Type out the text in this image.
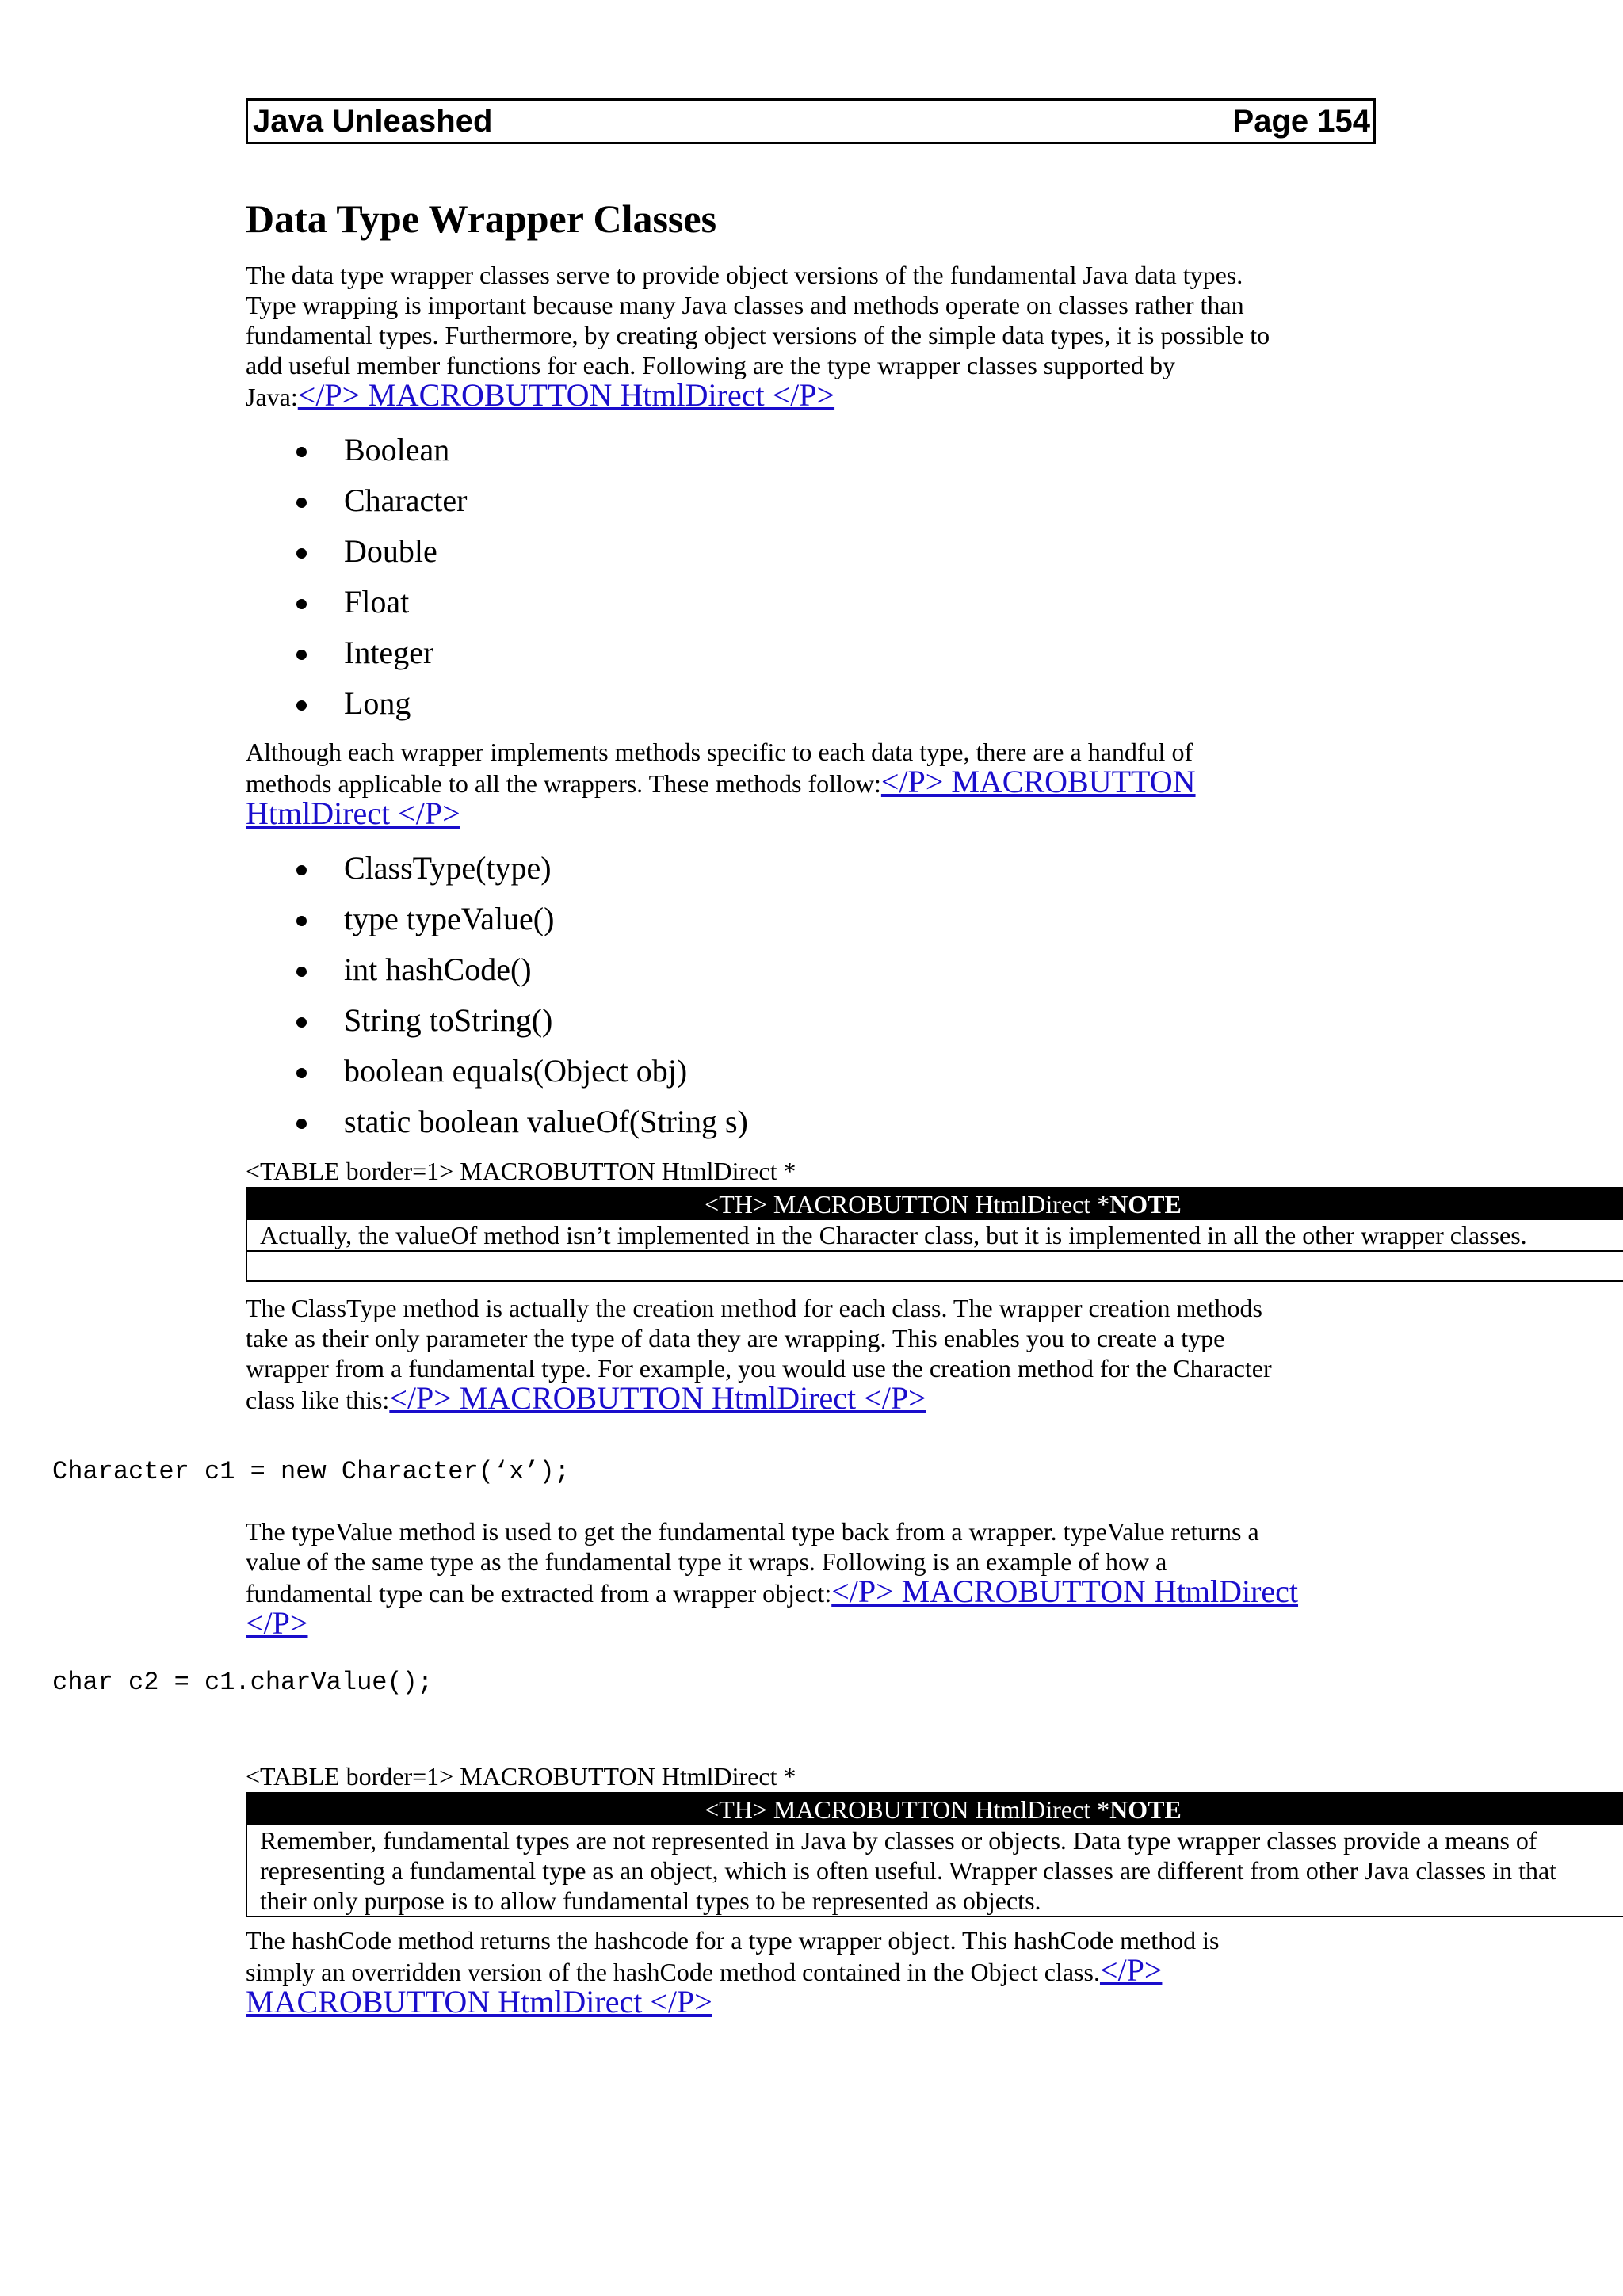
Java Unleashed	Page 154
Data Type Wrapper Classes
The data type wrapper classes serve to provide object versions of the fundamental Java data types.
Type wrapping is important because many Java classes and methods operate on classes rather than
fundamental types. Furthermore, by creating object versions of the simple data types, it is possible to
add useful member functions for each. Following are the type wrapper classes supported by
Java:</P> MACROBUTTON HtmlDirect </P>
Boolean
Character
Double
Float
Integer
Long
Although each wrapper implements methods specific to each data type, there are a handful of
methods applicable to all the wrappers. These methods follow:</P> MACROBUTTON
HtmlDirect </P>
ClassType(type)
type typeValue()
int hashCode()
String toString()
boolean equals(Object obj)
static boolean valueOf(String s)

<TABLE border=1> MACROBUTTON HtmlDirect *

<TH> MACROBUTTON HtmlDirect *NOTE
Actually, the valueOf method isn’t implemented in the Character class, but it is implemented in all the other wrapper classes.
The ClassType method is actually the creation method for each class. The wrapper creation methods
take as their only parameter the type of data they are wrapping. This enables you to create a type
wrapper from a fundamental type. For example, you would use the creation method for the Character
class like this:</P> MACROBUTTON HtmlDirect </P>
Character c1 = new Character(‘x’);
The typeValue method is used to get the fundamental type back from a wrapper. typeValue returns a
value of the same type as the fundamental type it wraps. Following is an example of how a
fundamental type can be extracted from a wrapper object:</P> MACROBUTTON HtmlDirect
</P>
char c2 = c1.charValue();

<TABLE border=1> MACROBUTTON HtmlDirect *

<TH> MACROBUTTON HtmlDirect *NOTE
Remember, fundamental types are not represented in Java by classes or objects. Data type wrapper classes provide a means of
representing a fundamental type as an object, which is often useful. Wrapper classes are different from other Java classes in that
their only purpose is to allow fundamental types to be represented as objects.
The hashCode method returns the hashcode for a type wrapper object. This hashCode method is
simply an overridden version of the hashCode method contained in the Object class.</P>
MACROBUTTON HtmlDirect </P>
